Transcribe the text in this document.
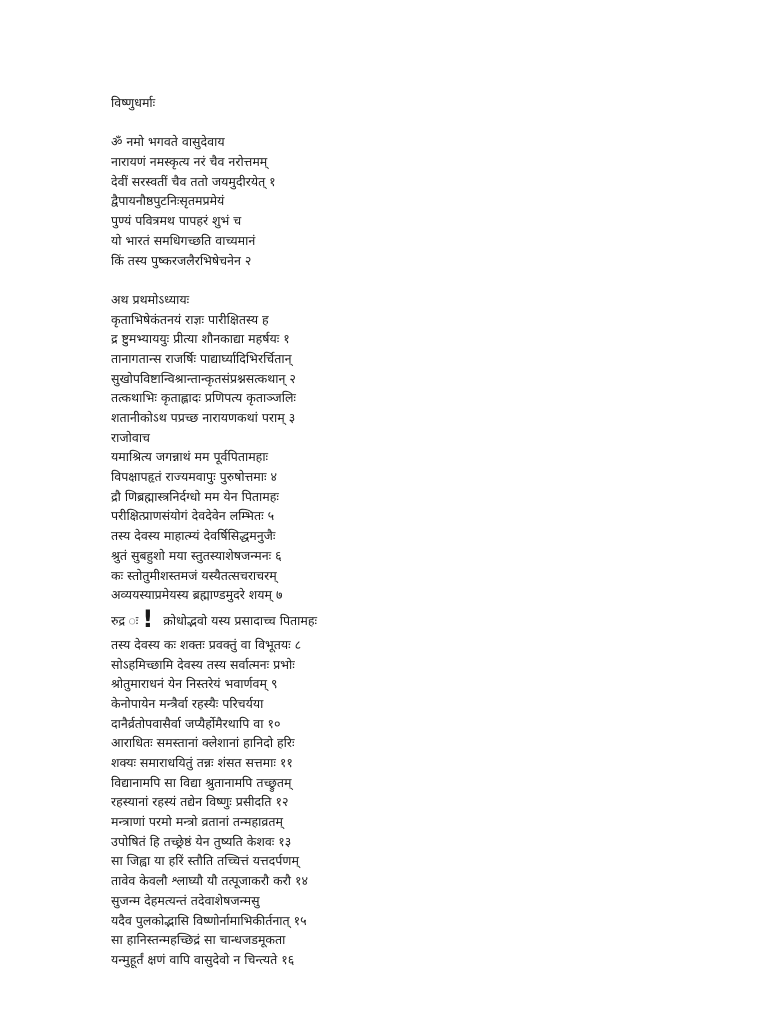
विष्णुधर्माः
ॐ नमो भगवते वासुदेवाय
नारायणं नमस्कृत्य नरं चैव नरोत्तमम्
देवीं सरस्वतीं चैव ततो जयमुदीरयेत् १
द्वैपायनौष्ठपुटनिःसृतमप्रमेयं
पुण्यं पवित्रमथ पापहरं शुभं च
यो भारतं समधिगच्छति वाच्यमानं
किं तस्य पुष्करजलैरभिषेचनेन २
अथ प्रथमोऽध्यायः
कृताभिषेकंतनयं राज्ञः पारीक्षितस्य ह
द्र ष्टुमभ्याययुः प्रीत्या शौनकाद्या महर्षयः १
तानागतान्स राजर्षिः पाद्यार्घ्यादिभिरर्चितान्
सुखोपविष्टान्विश्रान्तान्कृतसंप्रश्नसत्कथान् २
तत्कथाभिः कृताह्लादः प्रणिपत्य कृताञ्जलिः
शतानीकोऽथ पप्रच्छ नारायणकथां पराम् ३
राजोवाच
यमाश्रित्य जगन्नाथं मम पूर्वपितामहाः
विपक्षापहृतं राज्यमवापुः पुरुषोत्तमाः ४
द्रौ णिब्रह्मास्त्रनिर्दग्धो मम येन पितामहः
परीक्षित्प्राणसंयोगं देवदेवेन लम्भितः ५
तस्य देवस्य माहात्म्यं देवर्षिसिद्धमनुजैः
श्रुतं सुबहुशो मया स्तुतस्याशेषजन्मनः ६
कः स्तोतुमीशस्तमजं यस्यैतत्सचराचरम्
अव्ययस्याप्रमेयस्य ब्रह्माण्डमुदरे शयम् ७
रुद्र ः ! क्रोधोद्भवो यस्य प्रसादाच्च पितामहः
तस्य देवस्य कः शक्तः प्रवक्तुं वा विभूतयः ८
सोऽहमिच्छामि देवस्य तस्य सर्वात्मनः प्रभोः
श्रोतुमाराधनं येन निस्तरेयं भवार्णवम् ९
केनोपायेन मन्त्रैर्वा रहस्यैः परिचर्यया
दानैर्व्रतोपवासैर्वा जप्यैर्होमैरथापि वा १०
आराधितः समस्तानां क्लेशानां हानिदो हरिः
शक्यः समाराधयितुं तन्नः शंसत सत्तमाः ११
विद्यानामपि सा विद्या श्रुतानामपि तच्छ्रुतम्
रहस्यानां रहस्यं तद्येन विष्णुः प्रसीदति १२
मन्त्राणां परमो मन्त्रो व्रतानां तन्महाव्रतम्
उपोषितं हि तच्छ्रेष्ठं येन तुष्यति केशवः १३
सा जिह्वा या हरिं स्तौति तच्चित्तं यत्तदर्पणम्
तावेव केवलौ श्लाघ्यौ यौ तत्पूजाकरौ करौ १४
सुजन्म देहमत्यन्तं तदेवाशेषजन्मसु
यदैव पुलकोद्भासि विष्णोर्नामाभिकीर्तनात् १५
सा हानिस्तन्महच्छिद्रं सा चान्धजडमूकता
यन्मुहूर्तं क्षणं वापि वासुदेवो न चिन्त्यते १६
